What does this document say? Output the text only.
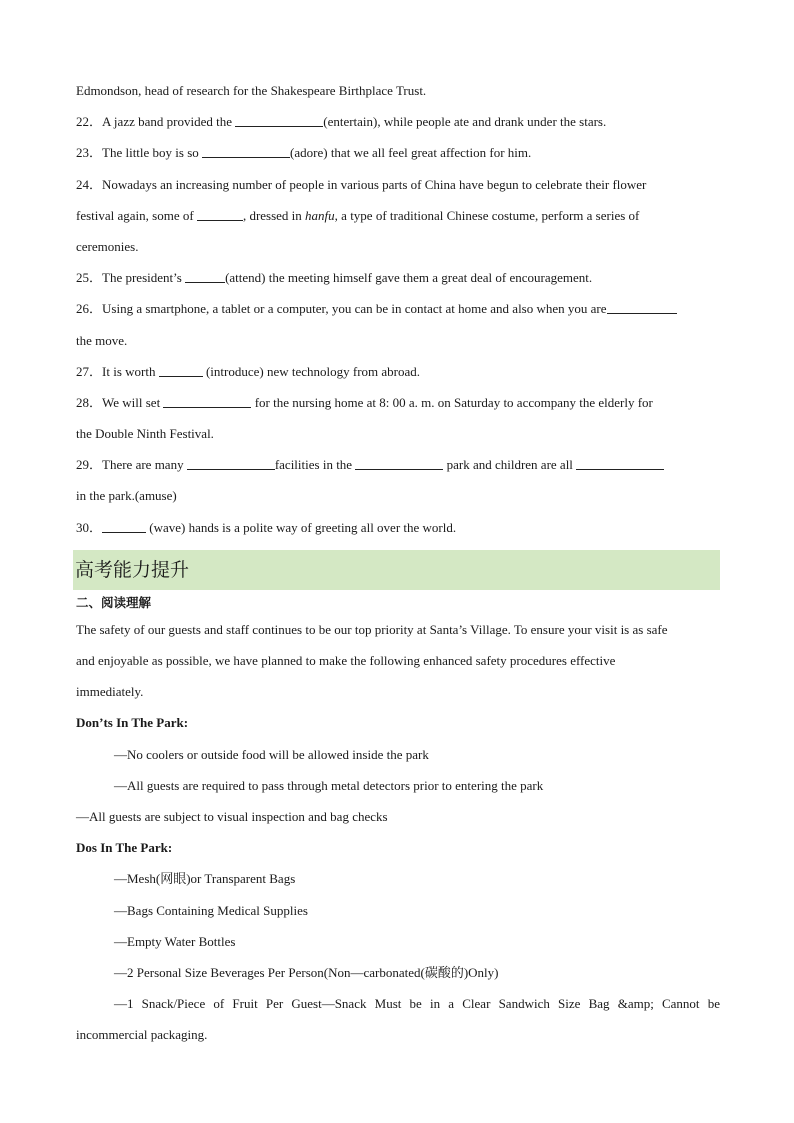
Edmondson, head of research for the Shakespeare Birthplace Trust.
22．A jazz band provided the	(entertain), while people ate and drank under the stars.
23．The little boy is so	(adore) that we all feel great affection for him.
24．Nowadays an increasing number of people in various parts of China have begun to celebrate their flower
festival again, some of	, dressed in hanfu, a type of traditional Chinese costume, perform a series of
ceremonies.
25．The president’s	(attend) the meeting himself gave them a great deal of encouragement.
26．Using a smartphone, a tablet or a computer, you can be in contact at home and also when you are
the move.
27．It is worth	(introduce) new technology from abroad.
28．We will set	for the nursing home at 8: 00 a. m. on Saturday to accompany the elderly for
the Double Ninth Festival.
29．There are many	facilities in the	park and children are all
in the park.(amuse)
30．	(wave) hands is a polite way of greeting all over the world.
高考能力提升
二、阅读理解
The safety of our guests and staff continues to be our top priority at Santa’s Village. To ensure your visit is as safe
and enjoyable as possible, we have planned to make the following enhanced safety procedures effective
immediately.
Don’ts In The Park:
—No coolers or outside food will be allowed inside the park
—All guests are required to pass through metal detectors prior to entering the park
—All guests are subject to visual inspection and bag checks
Dos In The Park:
—Mesh(网眼)or Transparent Bags
—Bags Containing Medical Supplies
—Empty Water Bottles
—2 Personal Size Beverages Per Person(Non—carbonated(碳酸的)Only)
—1 Snack/Piece of Fruit Per Guest—Snack Must be in a Clear Sandwich Size Bag &amp; Cannot be
incommercial packaging.
